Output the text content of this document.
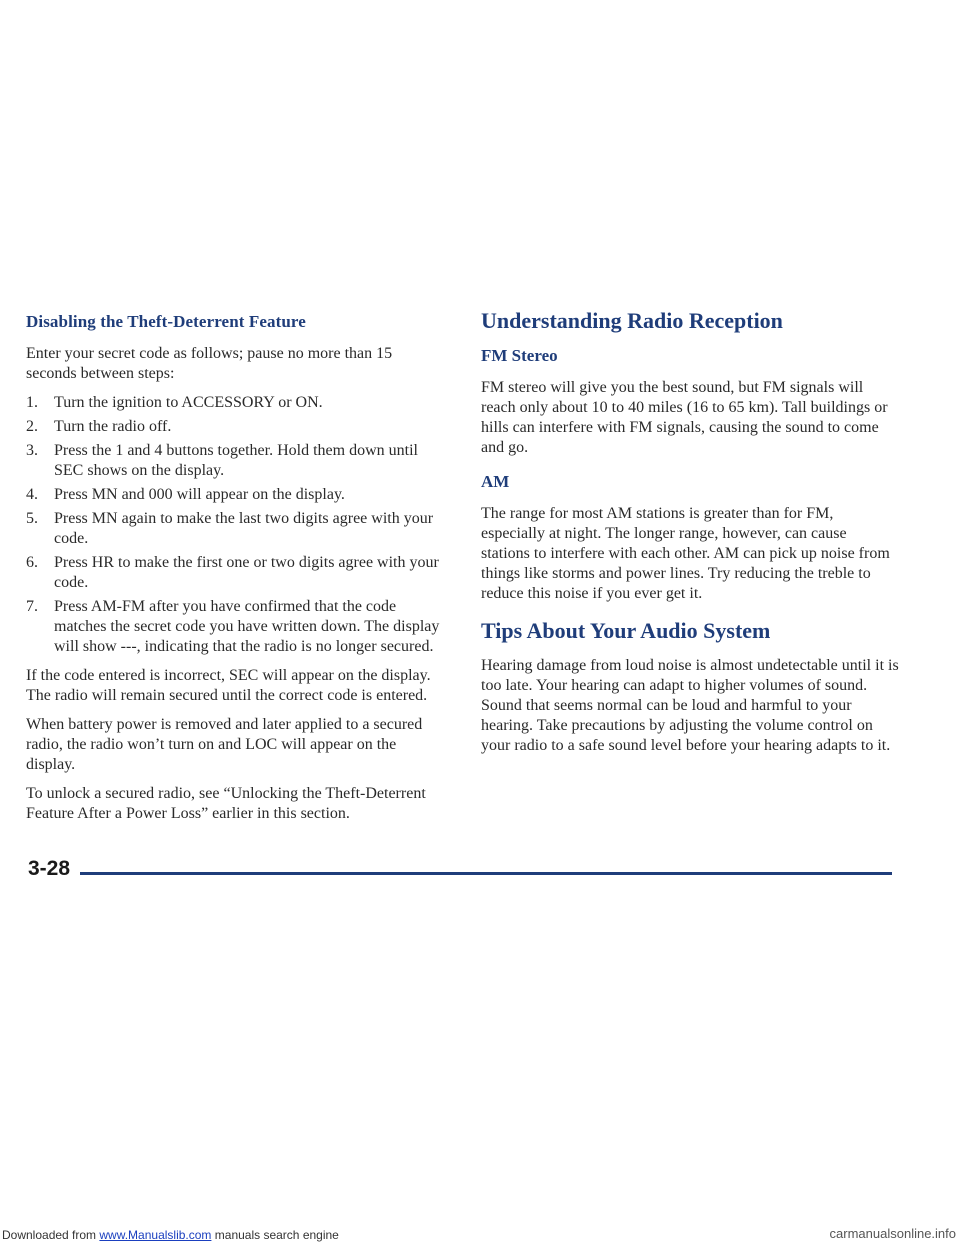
Disabling the Theft-Deterrent Feature

Enter your secret code as follows; pause no more than 15 seconds between steps:

1. Turn the ignition to ACCESSORY or ON.
2. Turn the radio off.
3. Press the 1 and 4 buttons together. Hold them down until SEC shows on the display.
4. Press MN and 000 will appear on the display.
5. Press MN again to make the last two digits agree with your code.
6. Press HR to make the first one or two digits agree with your code.
7. Press AM-FM after you have confirmed that the code matches the secret code you have written down. The display will show ---, indicating that the radio is no longer secured.

If the code entered is incorrect, SEC will appear on the display. The radio will remain secured until the correct code is entered.

When battery power is removed and later applied to a secured radio, the radio won’t turn on and LOC will appear on the display.

To unlock a secured radio, see “Unlocking the Theft-Deterrent Feature After a Power Loss” earlier in this section.

Understanding Radio Reception
FM Stereo

FM stereo will give you the best sound, but FM signals will reach only about 10 to 40 miles (16 to 65 km). Tall buildings or hills can interfere with FM signals, causing the sound to come and go.

AM

The range for most AM stations is greater than for FM, especially at night. The longer range, however, can cause stations to interfere with each other. AM can pick up noise from things like storms and power lines. Try reducing the treble to reduce this noise if you ever get it.

Tips About Your Audio System

Hearing damage from loud noise is almost undetectable until it is too late. Your hearing can adapt to higher volumes of sound. Sound that seems normal can be loud and harmful to your hearing. Take precautions by adjusting the volume control on your radio to a safe sound level before your hearing adapts to it.

3-28
Downloaded from www.Manualslib.com manuals search engine	carmanualsonline.info
